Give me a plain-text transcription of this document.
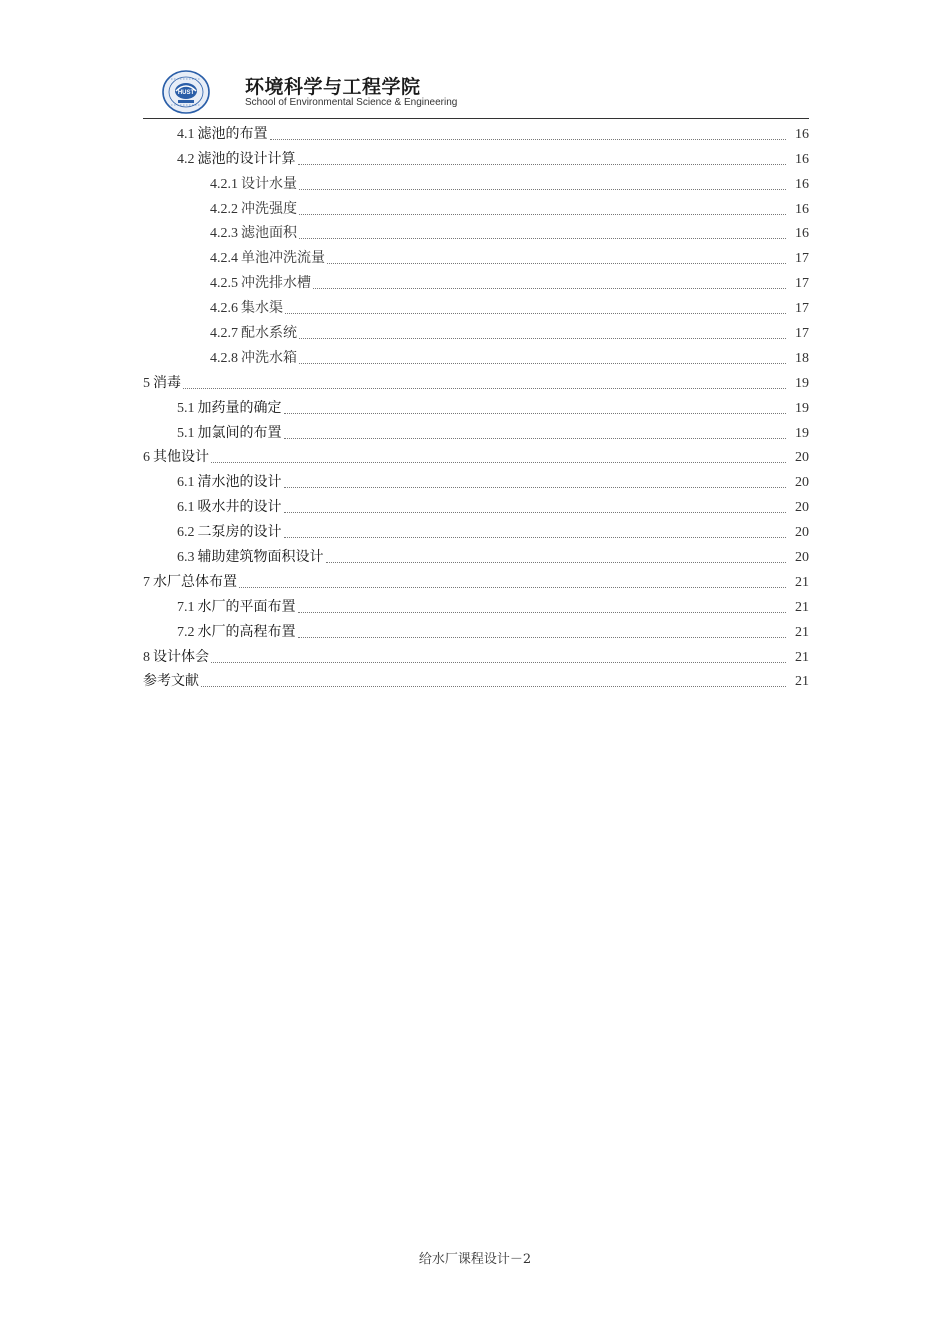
HUST	环境科学与工程学院
School of Environmental Science & Engineering
4.1 滤池的布置	16
4.2 滤池的设计计算	16
4.2.1 设计水量	16
4.2.2 冲洗强度	16
4.2.3 滤池面积	16
4.2.4 单池冲洗流量	17
4.2.5 冲洗排水槽	17
4.2.6 集水渠	17
4.2.7 配水系统	17
4.2.8 冲洗水箱	18
5 消毒	19
5.1 加药量的确定	19
5.1 加氯间的布置	19
6 其他设计	20
6.1 清水池的设计	20
6.1 吸水井的设计	20
6.2 二泵房的设计	20
6.3 辅助建筑物面积设计	20
7 水厂总体布置	21
7.1 水厂的平面布置	21
7.2 水厂的高程布置	21
8 设计体会	21
参考文献	21
给水厂课程设计－2
